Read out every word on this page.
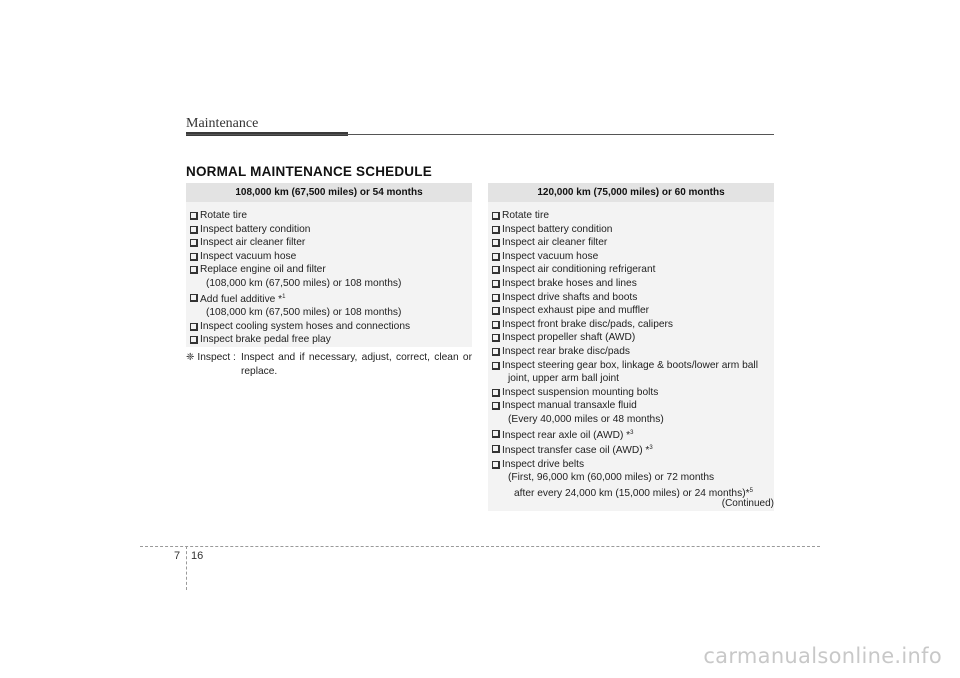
Maintenance
NORMAL MAINTENANCE SCHEDULE
108,000 km (67,500 miles) or 54 months
Rotate tire
Inspect battery condition
Inspect air cleaner filter
Inspect vacuum hose
Replace engine oil and filter
(108,000 km (67,500 miles) or 108 months)
Add fuel additive *$^1$
(108,000 km (67,500 miles) or 108 months)
Inspect cooling system hoses and connections
Inspect brake pedal free play
❈ Inspect : Inspect and if necessary, adjust, correct, clean or replace.
120,000 km (75,000 miles) or 60 months
Rotate tire
Inspect battery condition
Inspect air cleaner filter
Inspect vacuum hose
Inspect air conditioning refrigerant
Inspect brake hoses and lines
Inspect drive shafts and boots
Inspect exhaust pipe and muffler
Inspect front brake disc/pads, calipers
Inspect propeller shaft (AWD)
Inspect rear brake disc/pads
Inspect steering gear box, linkage & boots/lower arm ball
joint, upper arm ball joint
Inspect suspension mounting bolts
Inspect manual transaxle fluid
(Every 40,000 miles or 48 months)
Inspect rear axle oil (AWD) *$^3$
Inspect transfer case oil (AWD) *$^3$
Inspect drive belts
(First, 96,000 km (60,000 miles) or 72 months
after every 24,000 km (15,000 miles) or 24 months)*$^5$
(Continued)
7 16
carmanualsonline.info
